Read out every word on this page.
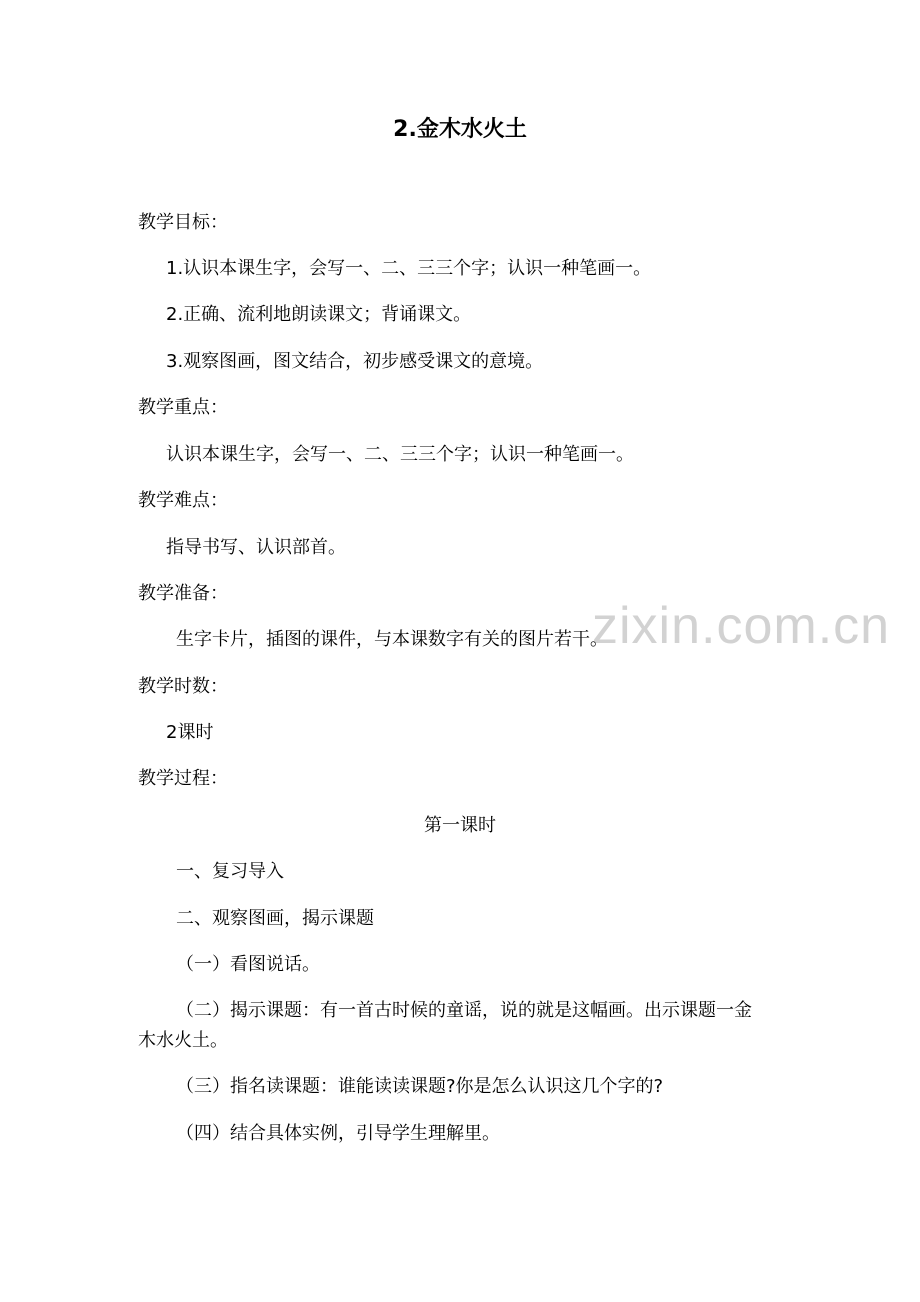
zixin.com.cn
2.金木水火土
教学目标：
1.认识本课生字，会写一、二、三三个字；认识一种笔画一。
2.正确、流利地朗读课文；背诵课文。
3.观察图画，图文结合，初步感受课文的意境。
教学重点：
认识本课生字，会写一、二、三三个字；认识一种笔画一。
教学难点：
指导书写、认识部首。
教学准备：
生字卡片，插图的课件，与本课数字有关的图片若干。
教学时数：
2课时
教学过程：
第一课时
一、复习导入
二、观察图画，揭示课题
（一）看图说话。
（二）揭示课题：有一首古时候的童谣，说的就是这幅画。出示课题一金
木水火土。
（三）指名读课题：谁能读读课题?你是怎么认识这几个字的?
（四）结合具体实例，引导学生理解里。
